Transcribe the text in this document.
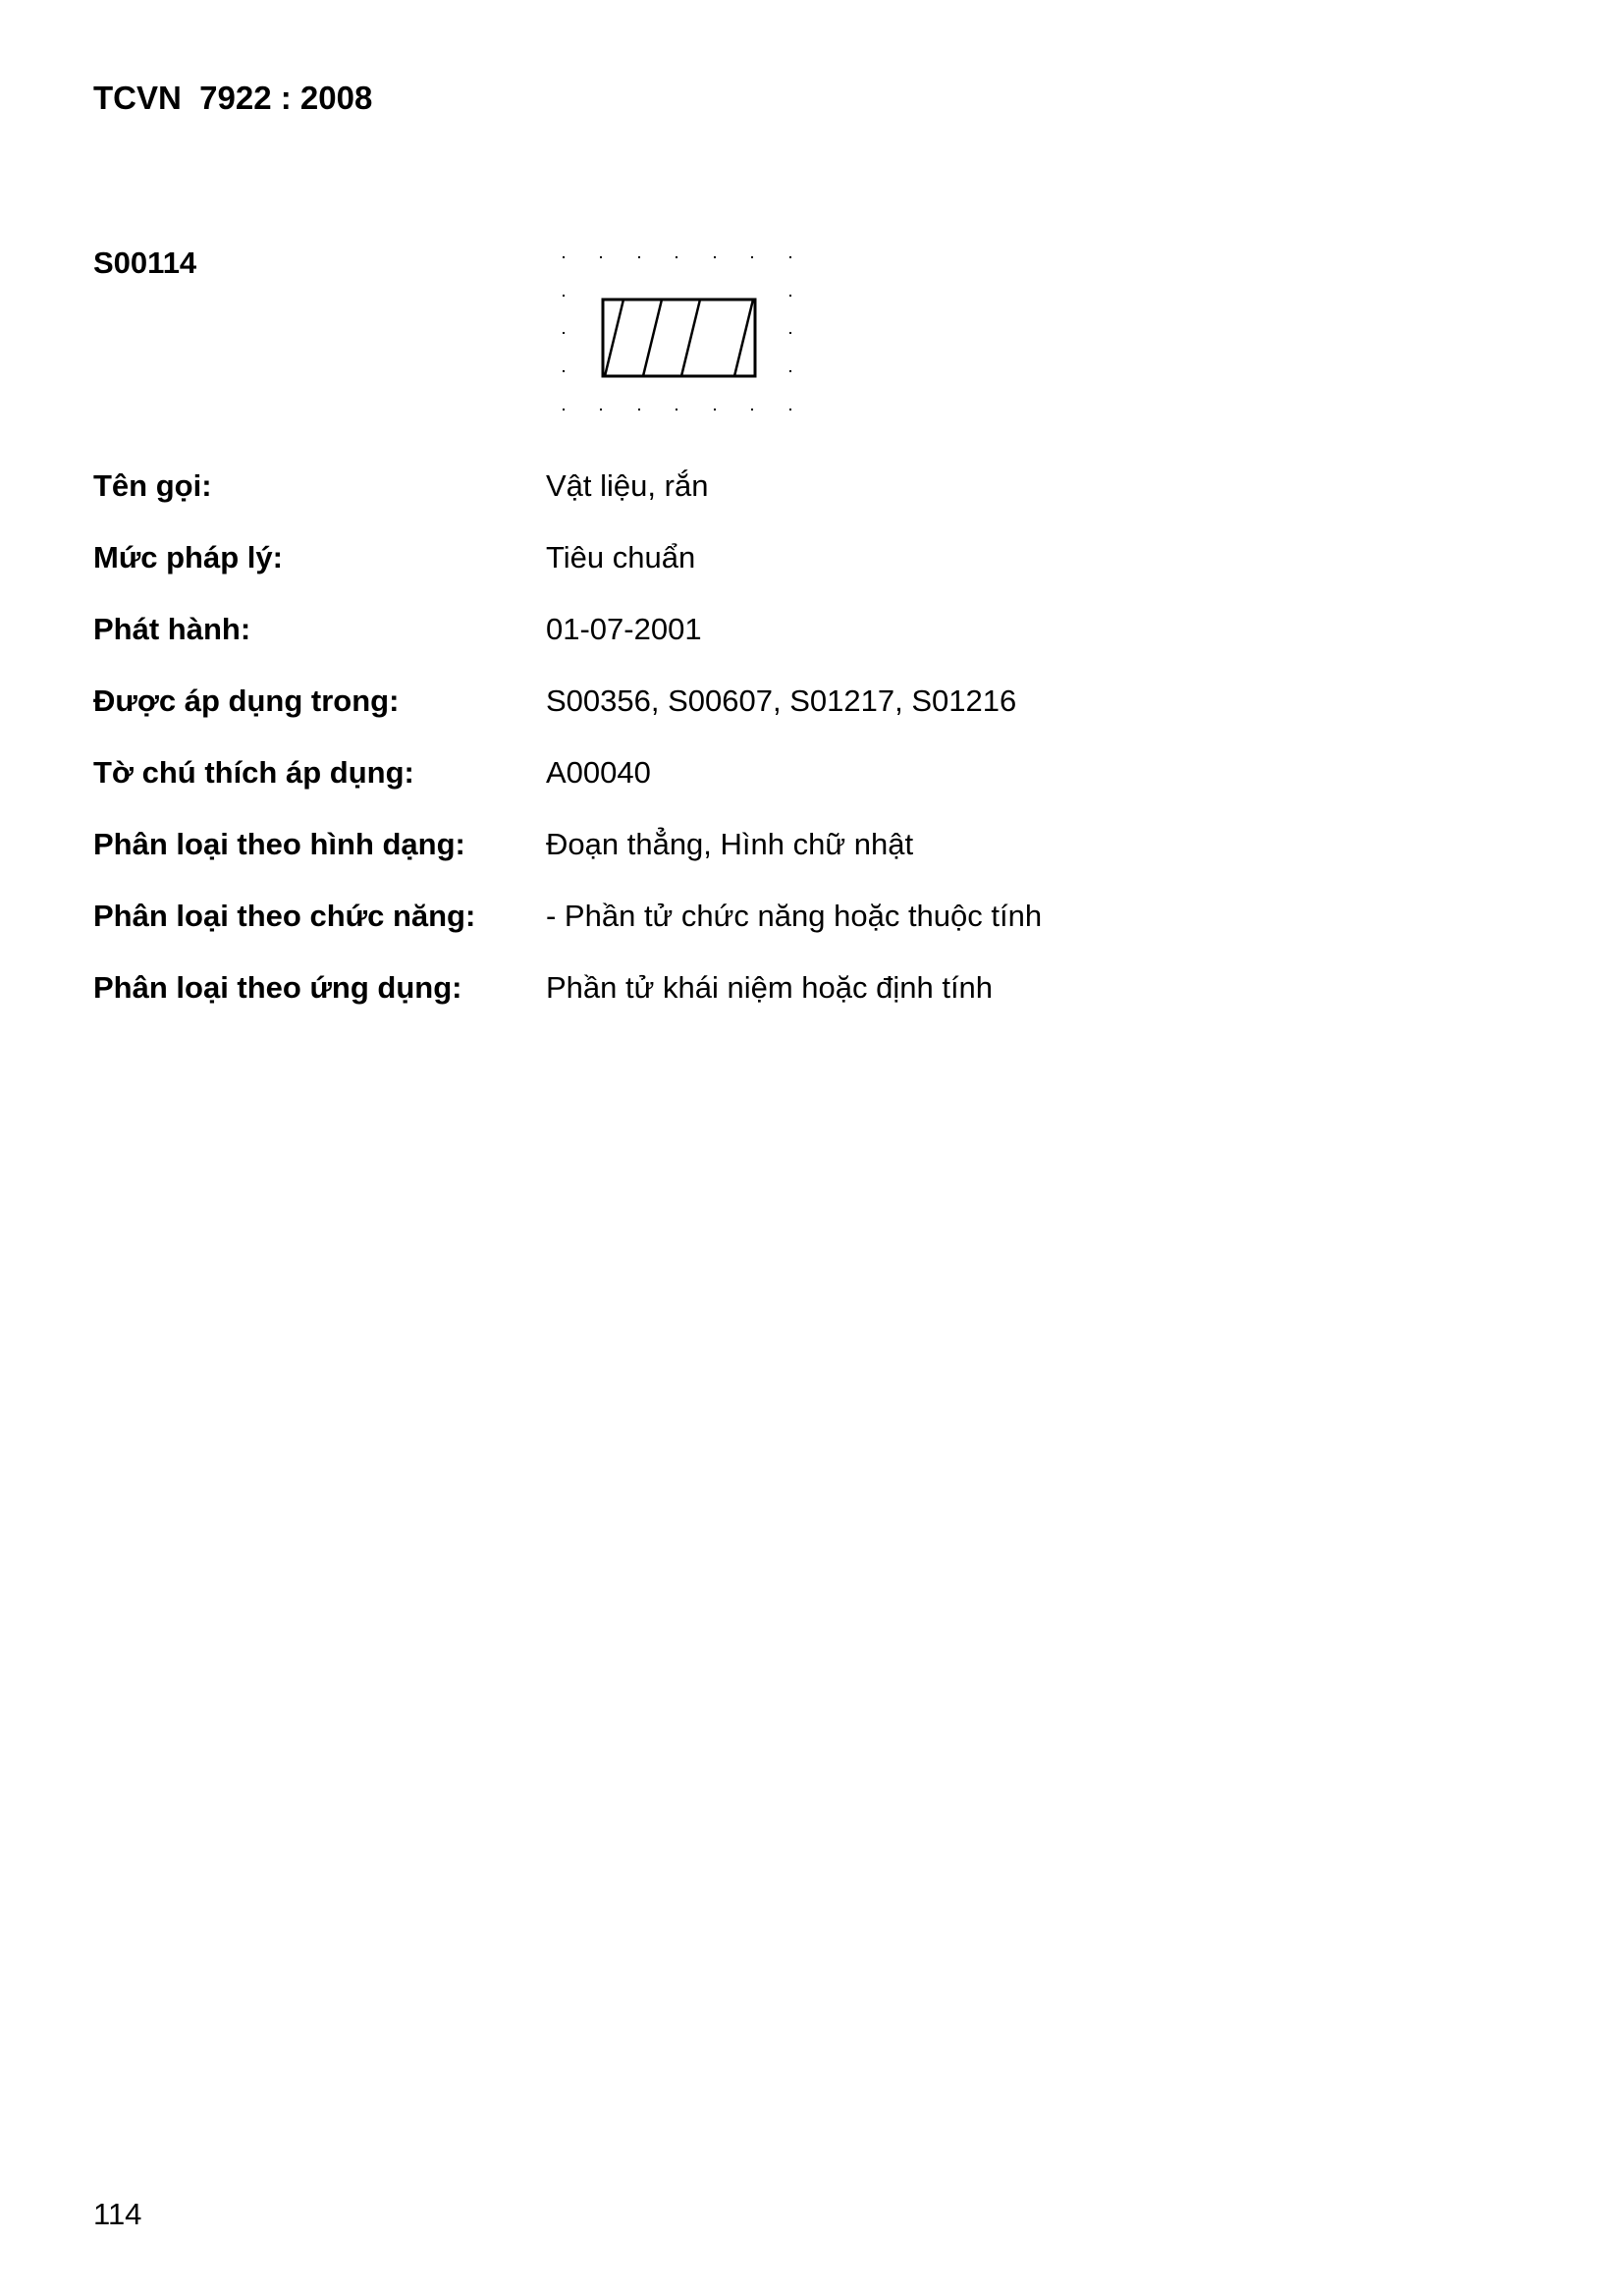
TCVN  7922 : 2008
S00114
Tên gọi:	Vật liệu, rắn
Mức pháp lý:	Tiêu chuẩn
Phát hành:	01-07-2001
Được áp dụng trong:	S00356, S00607, S01217, S01216
Tờ chú thích áp dụng:	A00040
Phân loại theo hình dạng:	Đoạn thẳng, Hình chữ nhật
Phân loại theo chức năng: - Phần tử chức năng hoặc thuộc tính
Phân loại theo ứng dụng:	Phần tử khái niệm hoặc định tính
114
